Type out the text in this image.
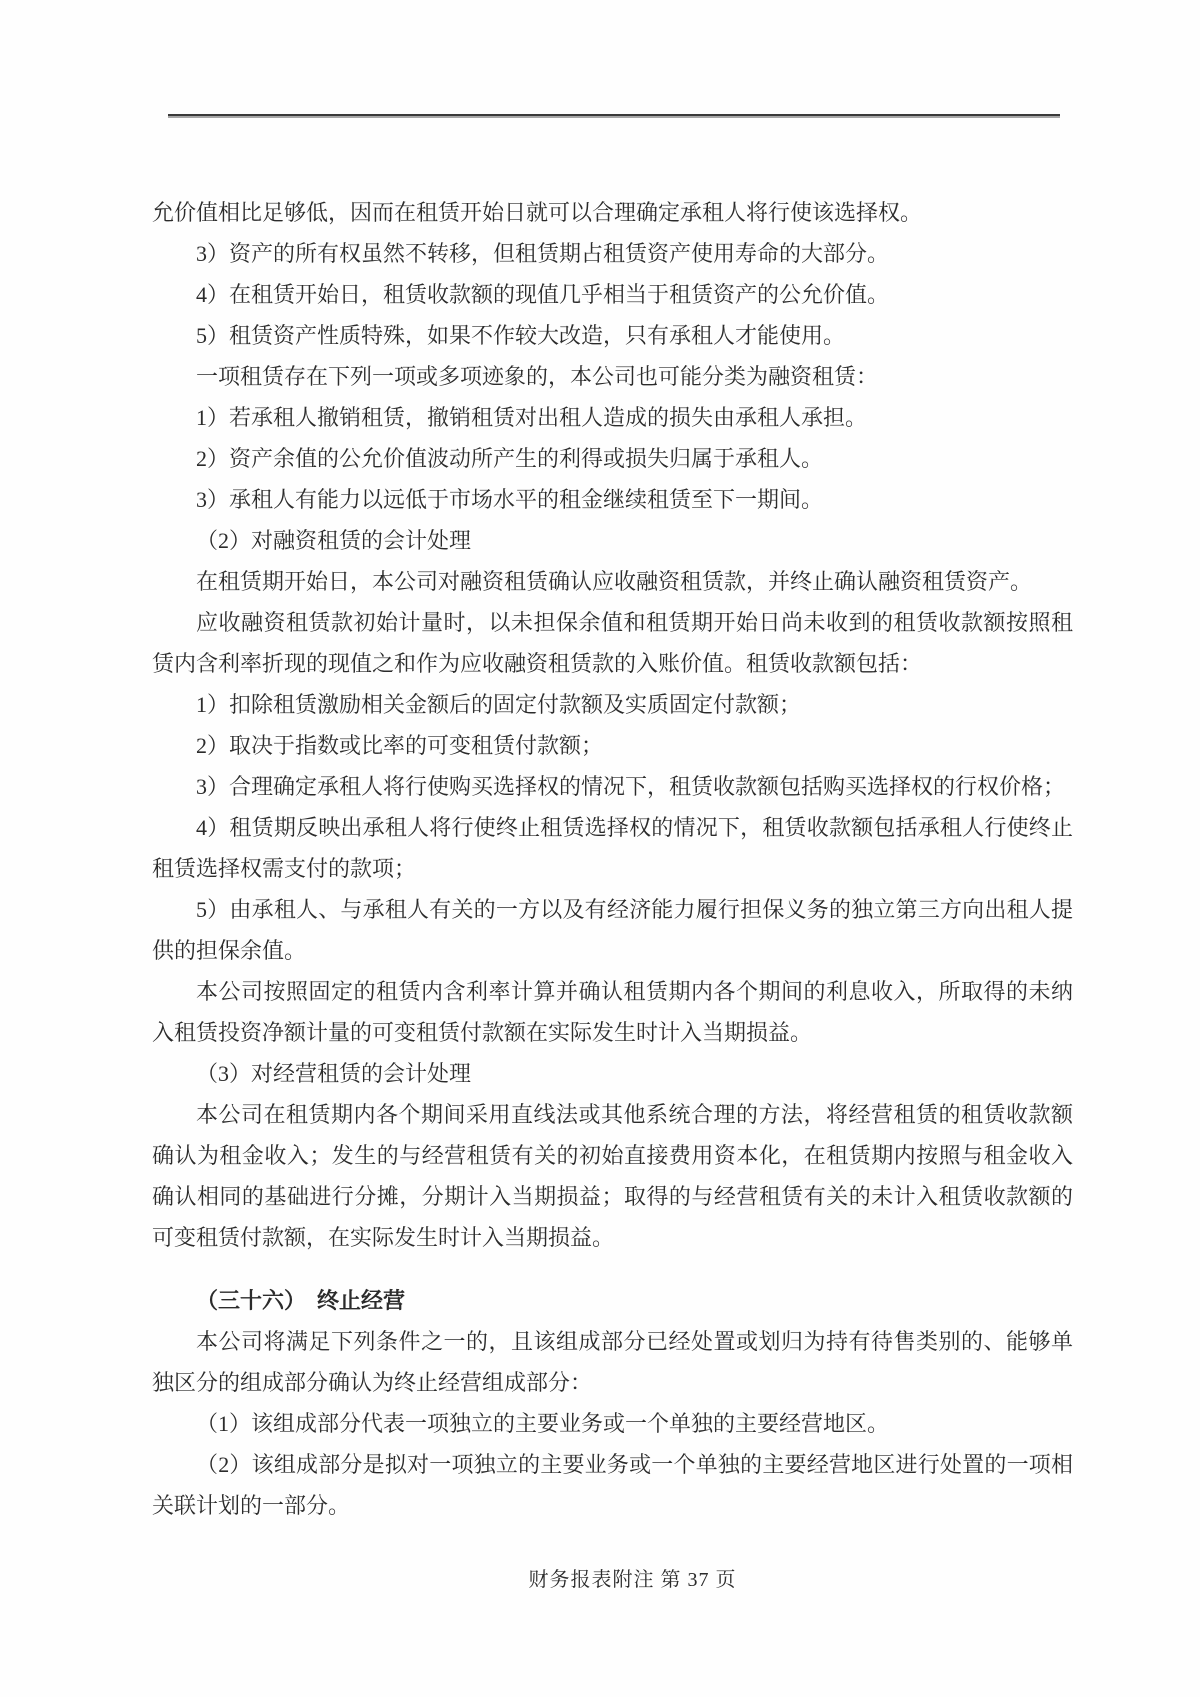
允价值相比足够低，因而在租赁开始日就可以合理确定承租人将行使该选择权。

3）资产的所有权虽然不转移，但租赁期占租赁资产使用寿命的大部分。

4）在租赁开始日，租赁收款额的现值几乎相当于租赁资产的公允价值。

5）租赁资产性质特殊，如果不作较大改造，只有承租人才能使用。

一项租赁存在下列一项或多项迹象的，本公司也可能分类为融资租赁：

1）若承租人撤销租赁，撤销租赁对出租人造成的损失由承租人承担。

2）资产余值的公允价值波动所产生的利得或损失归属于承租人。

3）承租人有能力以远低于市场水平的租金继续租赁至下一期间。

（2）对融资租赁的会计处理

在租赁期开始日，本公司对融资租赁确认应收融资租赁款，并终止确认融资租赁资产。

应收融资租赁款初始计量时，以未担保余值和租赁期开始日尚未收到的租赁收款额按照租

赁内含利率折现的现值之和作为应收融资租赁款的入账价值。租赁收款额包括：

1）扣除租赁激励相关金额后的固定付款额及实质固定付款额；

2）取决于指数或比率的可变租赁付款额；

3）合理确定承租人将行使购买选择权的情况下，租赁收款额包括购买选择权的行权价格；

4）租赁期反映出承租人将行使终止租赁选择权的情况下，租赁收款额包括承租人行使终止

租赁选择权需支付的款项；

5）由承租人、与承租人有关的一方以及有经济能力履行担保义务的独立第三方向出租人提

供的担保余值。

本公司按照固定的租赁内含利率计算并确认租赁期内各个期间的利息收入，所取得的未纳

入租赁投资净额计量的可变租赁付款额在实际发生时计入当期损益。

（3）对经营租赁的会计处理

本公司在租赁期内各个期间采用直线法或其他系统合理的方法，将经营租赁的租赁收款额

确认为租金收入；发生的与经营租赁有关的初始直接费用资本化，在租赁期内按照与租金收入

确认相同的基础进行分摊，分期计入当期损益；取得的与经营租赁有关的未计入租赁收款额的

可变租赁付款额，在实际发生时计入当期损益。

（三十六）　终止经营

本公司将满足下列条件之一的，且该组成部分已经处置或划归为持有待售类别的、能够单

独区分的组成部分确认为终止经营组成部分：

（1）该组成部分代表一项独立的主要业务或一个单独的主要经营地区。

（2）该组成部分是拟对一项独立的主要业务或一个单独的主要经营地区进行处置的一项相

关联计划的一部分。

财务报表附注 第 37 页
